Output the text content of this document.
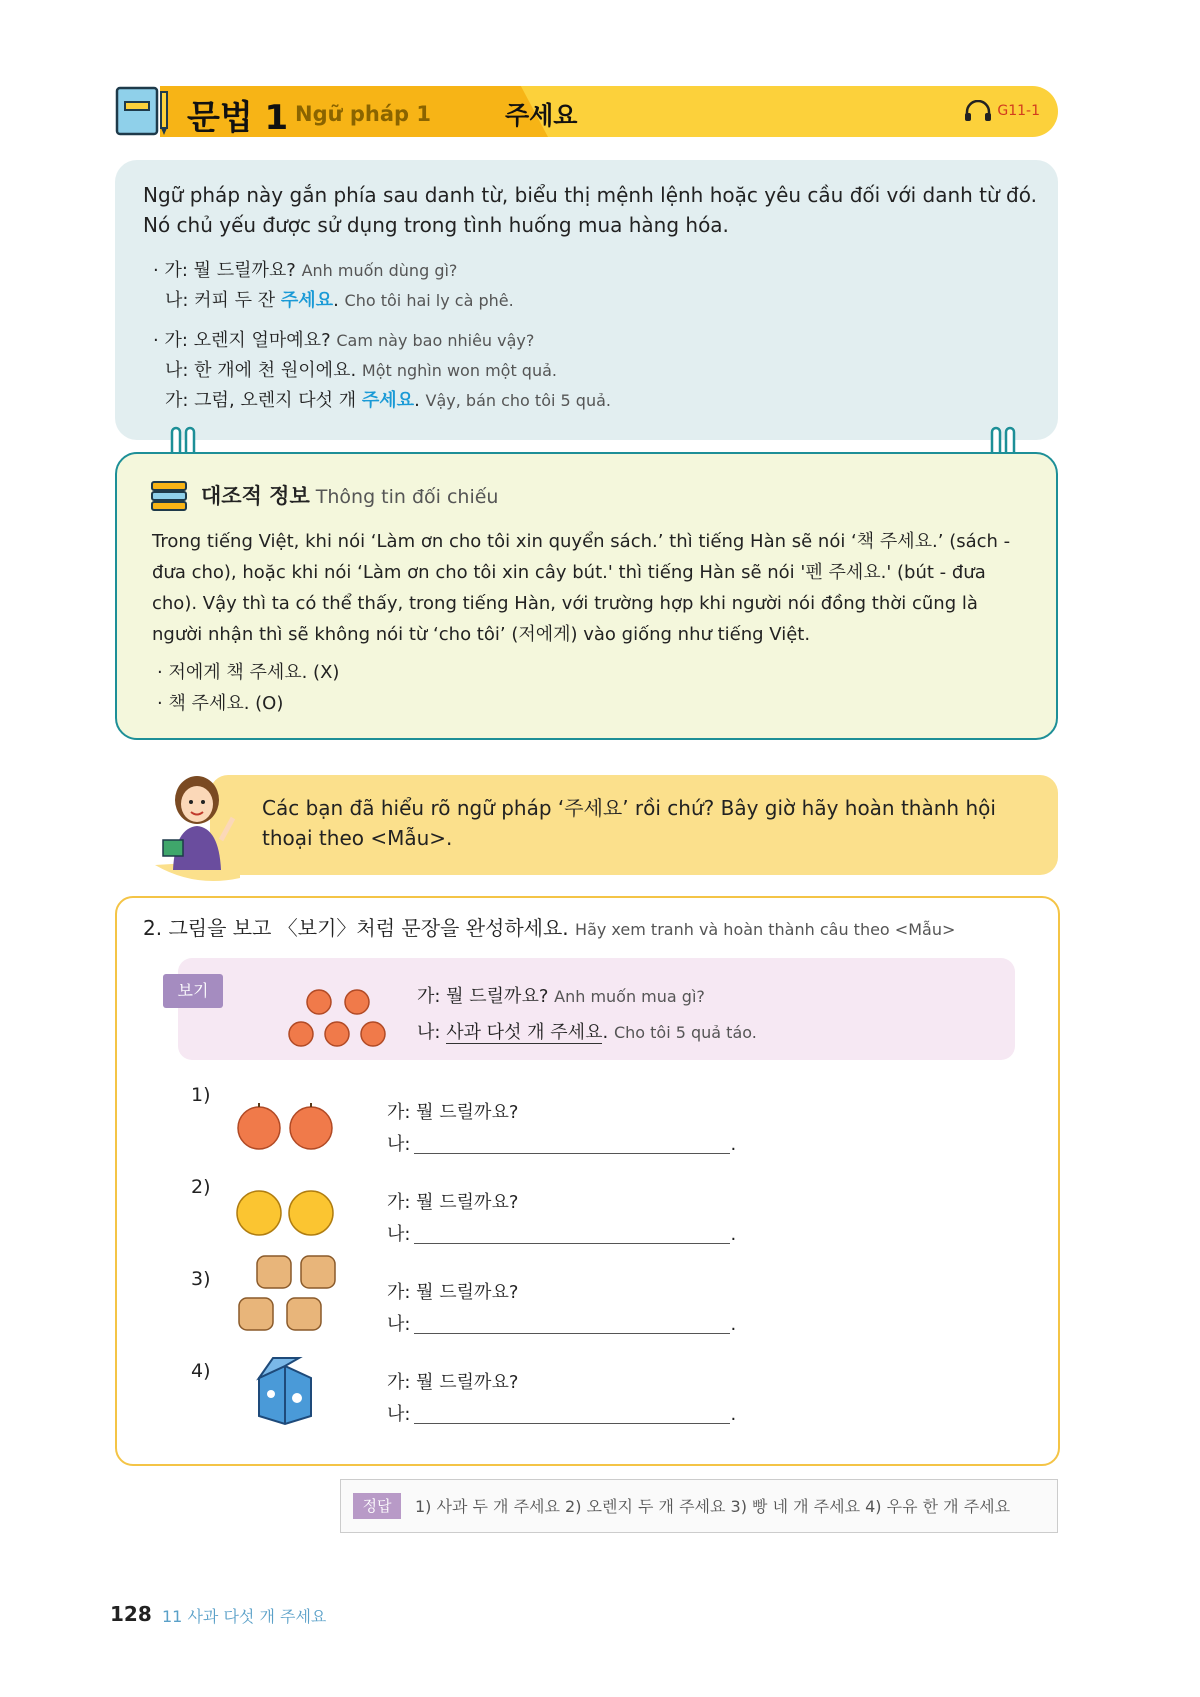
문법 1 Ngữ pháp 1	주세요	G11-1
Ngữ pháp này gắn phía sau danh từ, biểu thị mệnh lệnh hoặc yêu cầu đối với danh từ đó. Nó chủ yếu được sử dụng trong tình huống mua hàng hóa.
· 가: 뭘 드릴까요? Anh muốn dùng gì?
나: 커피 두 잔 주세요. Cho tôi hai ly cà phê.
· 가: 오렌지 얼마예요? Cam này bao nhiêu vậy?
나: 한 개에 천 원이에요. Một nghìn won một quả.
가: 그럼, 오렌지 다섯 개 주세요. Vậy, bán cho tôi 5 quả.
대조적 정보 Thông tin đối chiếu
Trong tiếng Việt, khi nói ‘Làm ơn cho tôi xin quyển sách.’ thì tiếng Hàn sẽ nói ‘책 주세요.’ (sách - đưa cho), hoặc khi nói ‘Làm ơn cho tôi xin cây bút.' thì tiếng Hàn sẽ nói '펜 주세요.' (bút - đưa cho). Vậy thì ta có thể thấy, trong tiếng Hàn, với trường hợp khi người nói đồng thời cũng là người nhận thì sẽ không nói từ ‘cho tôi’ (저에게) vào giống như tiếng Việt.
· 저에게 책 주세요. (X)
· 책 주세요. (O)
Các bạn đã hiểu rõ ngữ pháp ‘주세요’ rồi chứ? Bây giờ hãy hoàn thành hội thoại theo <Mẫu>.
2. 그림을 보고 〈보기〉처럼 문장을 완성하세요. Hãy xem tranh và hoàn thành câu theo <Mẫu>
보기	가: 뭘 드릴까요? Anh muốn mua gì?
나: 사과 다섯 개 주세요. Cho tôi 5 quả táo.
1)
가: 뭘 드릴까요?
나:	.
2)
가: 뭘 드릴까요?
나:	.
3)
가: 뭘 드릴까요?
나:	.
4)
가: 뭘 드릴까요?
나:	.
정답	1) 사과 두 개 주세요 2) 오렌지 두 개 주세요 3) 빵 네 개 주세요 4) 우유 한 개 주세요
128 11 사과 다섯 개 주세요
